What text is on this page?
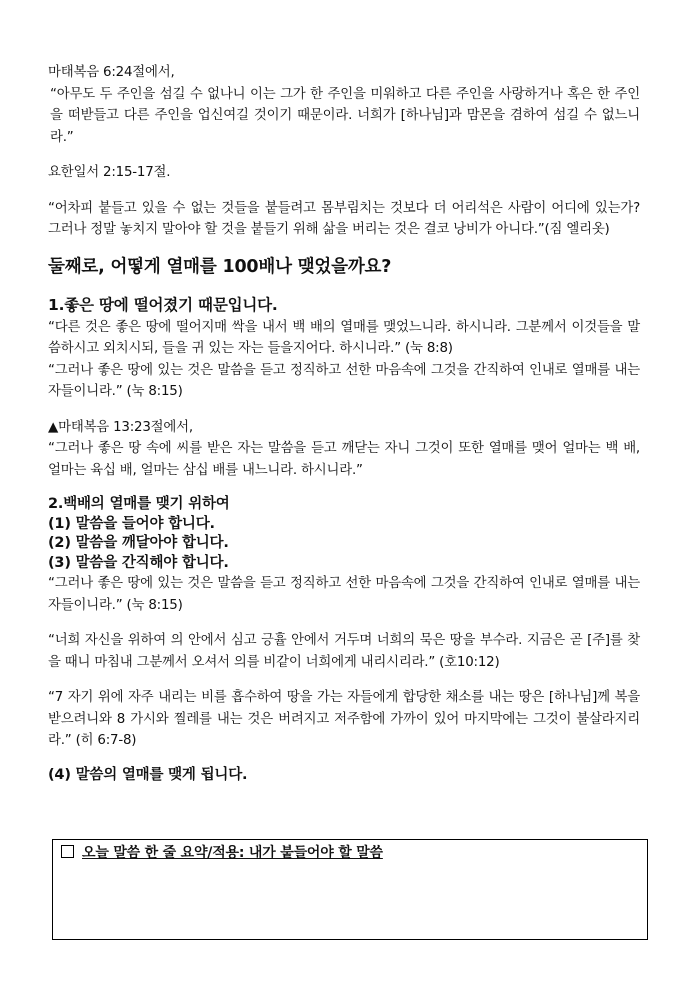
마태복음 6:24절에서,

“아무도 두 주인을 섬길 수 없나니 이는 그가 한 주인을 미워하고 다른 주인을 사랑하거나 혹은 한 주인을 떠받들고 다른 주인을 업신여길 것이기 때문이라. 너희가 [하나님]과 맘몬을 겸하여 섬길 수 없느니라.”

요한일서 2:15-17절.

“어차피 붙들고 있을 수 없는 것들을 붙들려고 몸부림치는 것보다 더 어리석은 사람이 어디에 있는가? 그러나 정말 놓치지 말아야 할 것을 붙들기 위해 삶을 버리는 것은 결코 낭비가 아니다.”(짐 엘리옷)

둘째로, 어떻게 열매를 100배나 맺었을까요?
1.좋은 땅에 떨어졌기 때문입니다.

“다른 것은 좋은 땅에 떨어지매 싹을 내서 백 배의 열매를 맺었느니라. 하시니라. 그분께서 이것들을 말씀하시고 외치시되, 들을 귀 있는 자는 들을지어다. 하시니라.” (눅 8:8)

“그러나 좋은 땅에 있는 것은 말씀을 듣고 정직하고 선한 마음속에 그것을 간직하여 인내로 열매를 내는 자들이니라.” (눅 8:15)

▲마태복음 13:23절에서,

“그러나 좋은 땅 속에 씨를 받은 자는 말씀을 듣고 깨닫는 자니 그것이 또한 열매를 맺어 얼마는 백 배, 얼마는 육십 배, 얼마는 삼십 배를 내느니라. 하시니라.”

2.백배의 열매를 맺기 위하여

(1) 말씀을 들어야 합니다.

(2) 말씀을 깨달아야 합니다.

(3) 말씀을 간직해야 합니다.

“그러나 좋은 땅에 있는 것은 말씀을 듣고 정직하고 선한 마음속에 그것을 간직하여 인내로 열매를 내는 자들이니라.” (눅 8:15)

“너희 자신을 위하여 의 안에서 심고 긍휼 안에서 거두며 너희의 묵은 땅을 부수라. 지금은 곧 [주]를 찾을 때니 마침내 그분께서 오셔서 의를 비같이 너희에게 내리시리라.” (호10:12)

“7 자기 위에 자주 내리는 비를 흡수하여 땅을 가는 자들에게 합당한 채소를 내는 땅은 [하나님]께 복을 받으려니와 8 가시와 찔레를 내는 것은 버려지고 저주함에 가까이 있어 마지막에는 그것이 불살라지리라.” (히 6:7-8)

(4) 말씀의 열매를 맺게 됩니다.

오늘 말씀 한 줄 요약/적용: 내가 붙들어야 할 말씀
